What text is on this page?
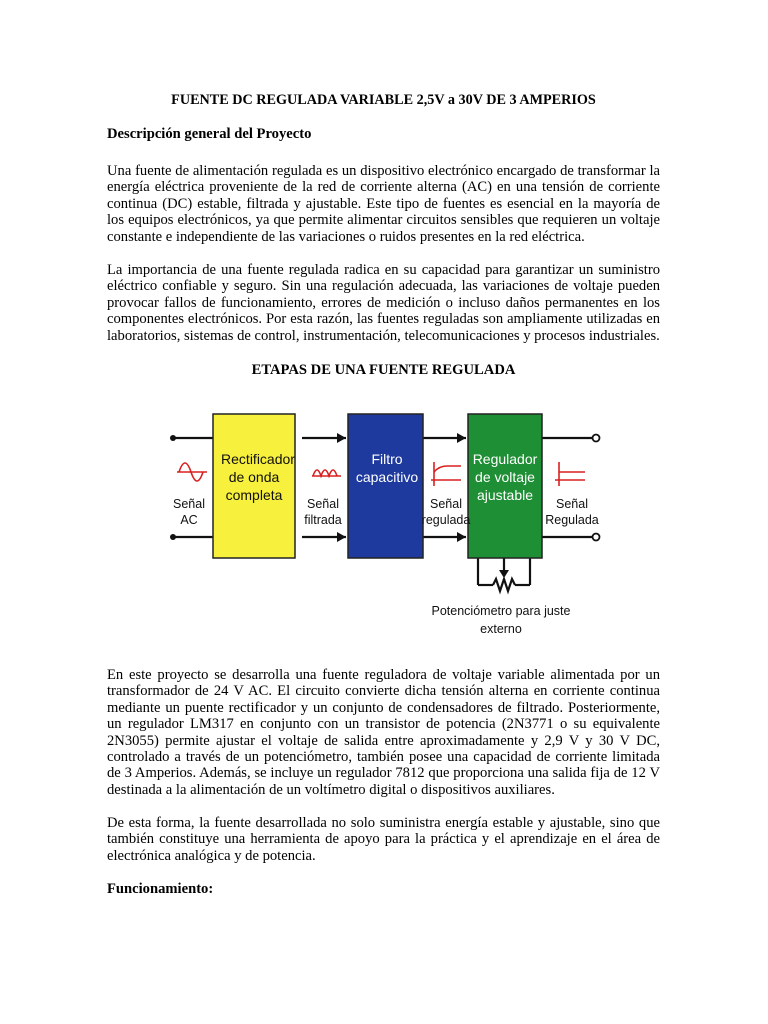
FUENTE DC REGULADA VARIABLE 2,5V a 30V DE 3 AMPERIOS
Descripción general del Proyecto

Una fuente de alimentación regulada es un dispositivo electrónico encargado de transformar la energía eléctrica proveniente de la red de corriente alterna (AC) en una tensión de corriente continua (DC) estable, filtrada y ajustable. Este tipo de fuentes es esencial en la mayoría de los equipos electrónicos, ya que permite alimentar circuitos sensibles que requieren un voltaje constante e independiente de las variaciones o ruidos presentes en la red eléctrica.

La importancia de una fuente regulada radica en su capacidad para garantizar un suministro eléctrico confiable y seguro. Sin una regulación adecuada, las variaciones de voltaje pueden provocar fallos de funcionamiento, errores de medición o incluso daños permanentes en los componentes electrónicos. Por esta razón, las fuentes reguladas son ampliamente utilizadas en laboratorios, sistemas de control, instrumentación, telecomunicaciones y procesos industriales.

ETAPAS DE UNA FUENTE REGULADA

En este proyecto se desarrolla una fuente reguladora de voltaje variable alimentada por un transformador de 24 V AC. El circuito convierte dicha tensión alterna en corriente continua mediante un puente rectificador y un conjunto de condensadores de filtrado. Posteriormente, un regulador LM317 en conjunto con un transistor de potencia (2N3771 o su equivalente 2N3055) permite ajustar el voltaje de salida entre aproximadamente y 2,9 V y 30 V DC, controlado a través de un potenciómetro, también posee una capacidad de corriente limitada de 3 Amperios. Además, se incluye un regulador 7812 que proporciona una salida fija de 12 V destinada a la alimentación de un voltímetro digital o dispositivos auxiliares.

De esta forma, la fuente desarrollada no solo suministra energía estable y ajustable, sino que también constituye una herramienta de apoyo para la práctica y el aprendizaje en el área de electrónica analógica y de potencia.

Funcionamiento:
Rectificador
de onda
completa
Filtro
capacitivo
Regulador
de voltaje
ajustable
Señal
AC
Señal
filtrada
Señal
regulada
Señal
Regulada
Potenciómetro para juste
externo
